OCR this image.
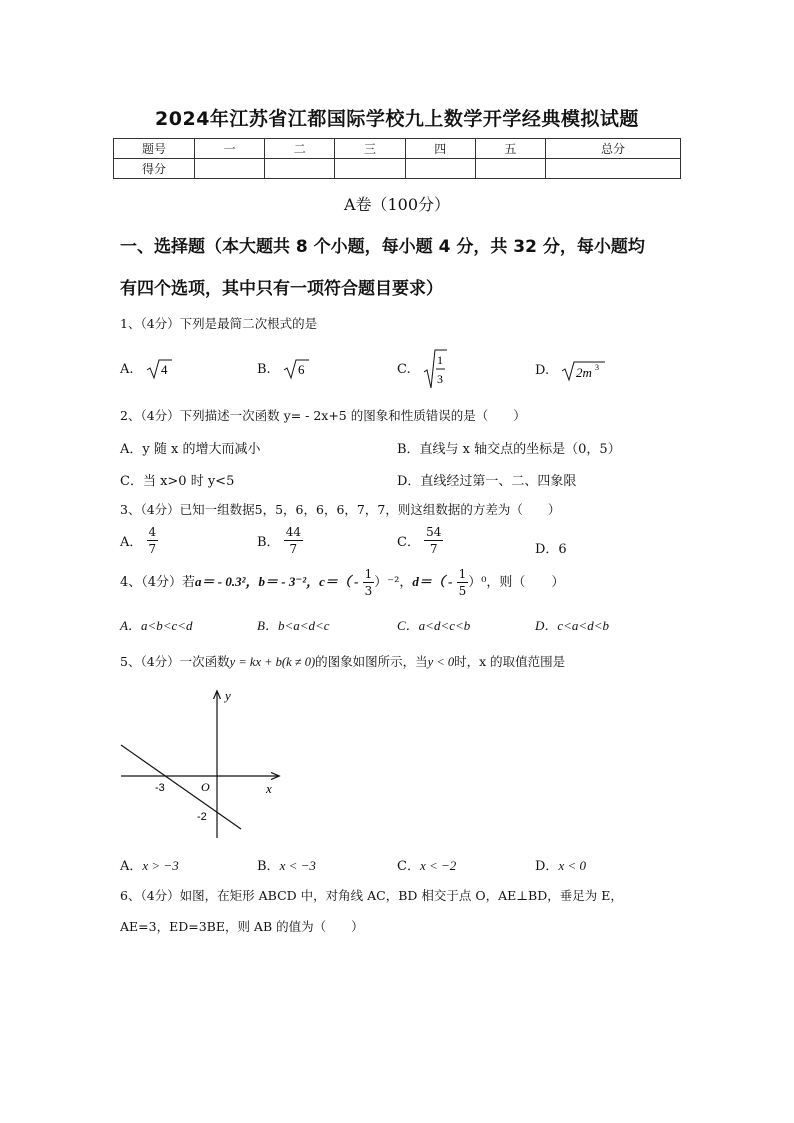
2024年江苏省江都国际学校九上数学开学经典模拟试题
题号	一	二	三	四	五	总分
得分						
A卷（100分）
一、选择题（本大题共 8 个小题，每小题 4 分，共 32 分，每小题均
有四个选项，其中只有一项符合题目要求）
1、（4分）下列是最简二次根式的是
A. 4	B. 6	C.
1
3
D. 2m 3
2、（4分）下列描述一次函数 y= - 2x+5 的图象和性质错误的是（　　）
A．y 随 x 的增大而减小	B．直线与 x 轴交点的坐标是（0，5）
C．当 x>0 时 y<5	D．直线经过第一、二、四象限
3、（4分）已知一组数据5，5，6，6，6，7，7，则这组数据的方差为（　　）
A． $\frac{4}{7}$	B． $\frac{44}{7}$	C． $\frac{54}{7}$	D．6
4、（4分）若a＝ - 0.3²，b＝ - 3⁻²，$c=( - \frac{1}{3} )^{-2}$，$d=( - \frac{1}{5} )^0$，则（　　）
A．a<b<c<d	B．b<a<d<c	C．a<d<c<b	D．c<a<d<b
5、（4分）一次函数y = kx + b(k ≠ 0)的图象如图所示，当y < 0时，x 的取值范围是
y
x
O
-3
-2
A．x > −3	B．x < −3	C．x < −2	D．x < 0
6、（4分）如图，在矩形 ABCD 中，对角线 AC，BD 相交于点 O，AE⊥BD，垂足为 E，
AE=3，ED=3BE，则 AB 的值为（　　）
